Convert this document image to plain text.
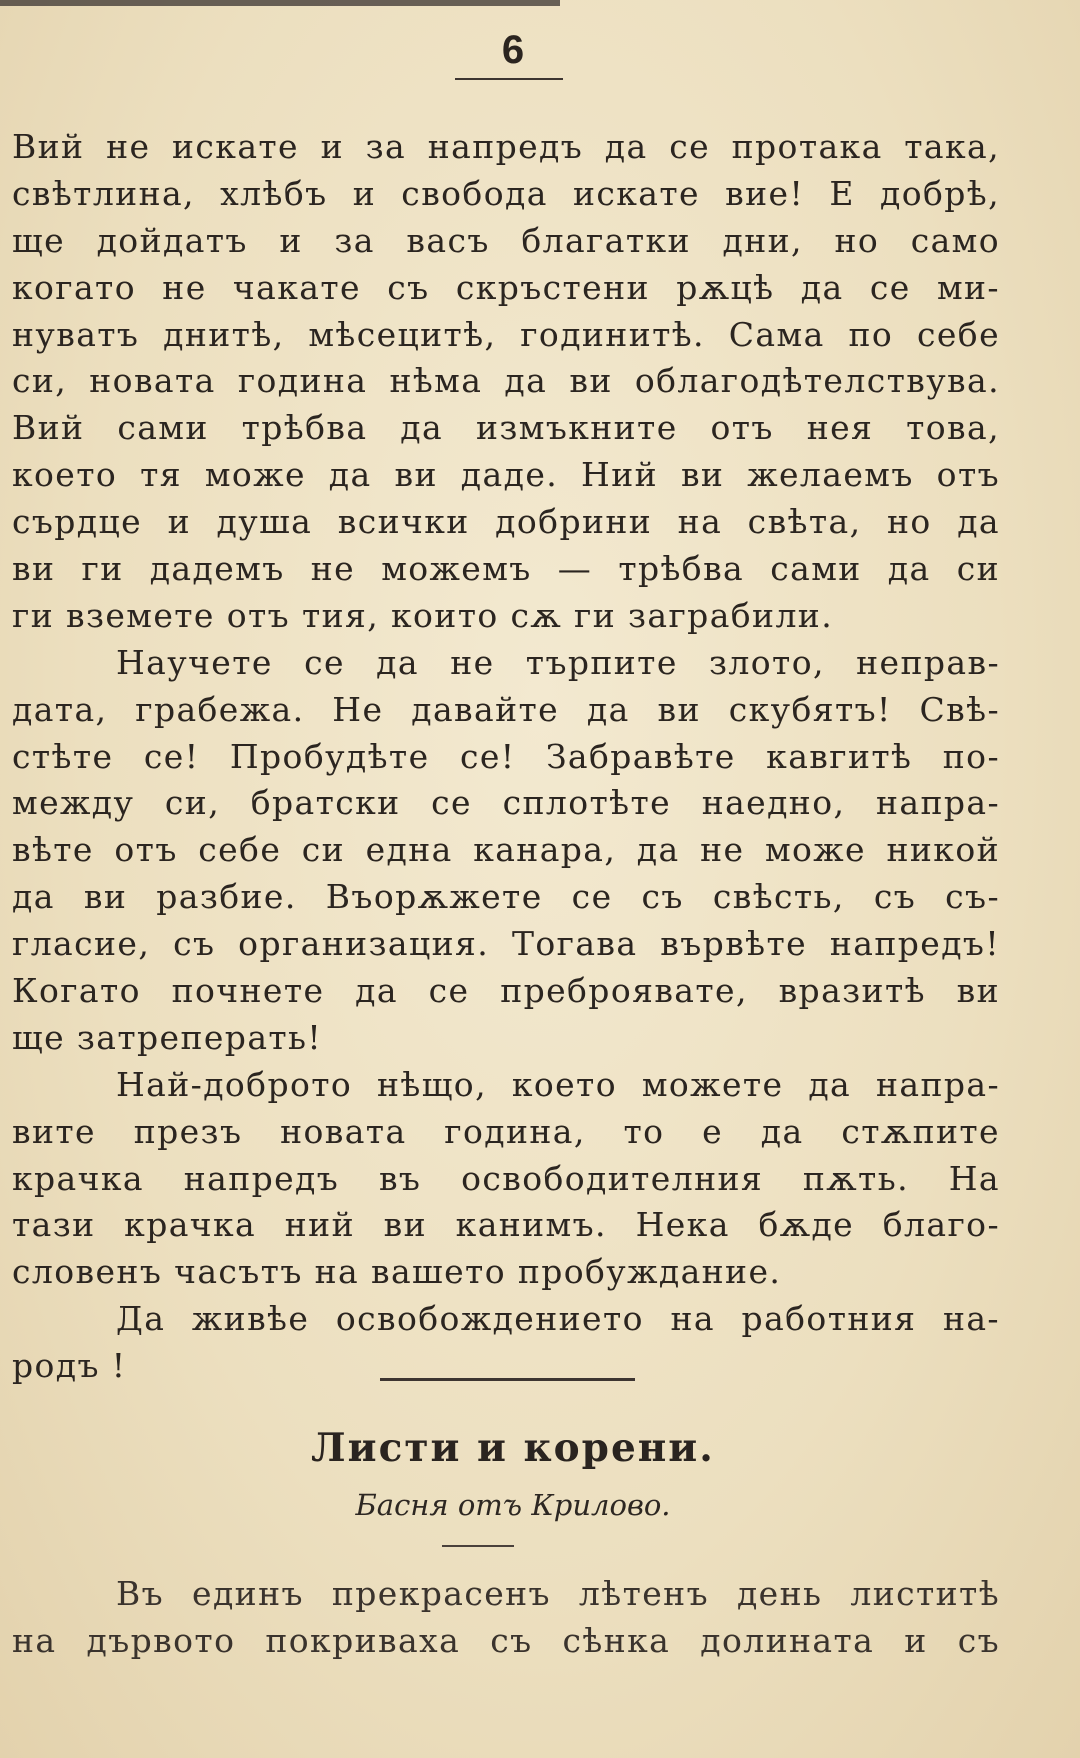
6
Вий не искате и за напредъ да се протака така,
свѣтлина, хлѣбъ и свобода искате вие! Е добрѣ,
ще дойдатъ и за васъ благатки дни, но само
когато не чакате съ скръстени рѫцѣ да се ми-
нуватъ днитѣ, мѣсецитѣ, годинитѣ. Сама по себе
си, новата година нѣма да ви облагодѣтелствува.
Вий сами трѣбва да измъкните отъ нея това,
което тя може да ви даде. Ний ви желаемъ отъ
сърдце и душа всички добрини на свѣта, но да
ви ги дадемъ не можемъ — трѣбва сами да си
ги вземете отъ тия, които сѫ ги заграбили.
Научете се да не търпите злото, неправ-
дата, грабежа. Не давайте да ви скубятъ! Свѣ-
стѣте се! Пробудѣте се! Забравѣте кавгитѣ по-
между си, братски се сплотѣте наедно, напра-
вѣте отъ себе си една канара, да не може никой
да ви разбие. Въорѫжете се съ свѣсть, съ съ-
гласие, съ организация. Тогава вървѣте напредъ!
Когато почнете да се преброявате, вразитѣ ви
ще затреперать!
Най-доброто нѣщо, което можете да напра-
вите презъ новата година, то е да стѫпите
крачка напредъ въ освободителния пѫть. На
тази крачка ний ви канимъ. Нека бѫде благо-
словенъ часътъ на вашето пробуждание.
Да живѣе освобождението на работния на-
родъ !
Листи и корени.
Басня отъ Крилово.
Въ единъ прекрасенъ лѣтенъ день листитѣ
на дървото покриваха съ сѣнка долината и съ
